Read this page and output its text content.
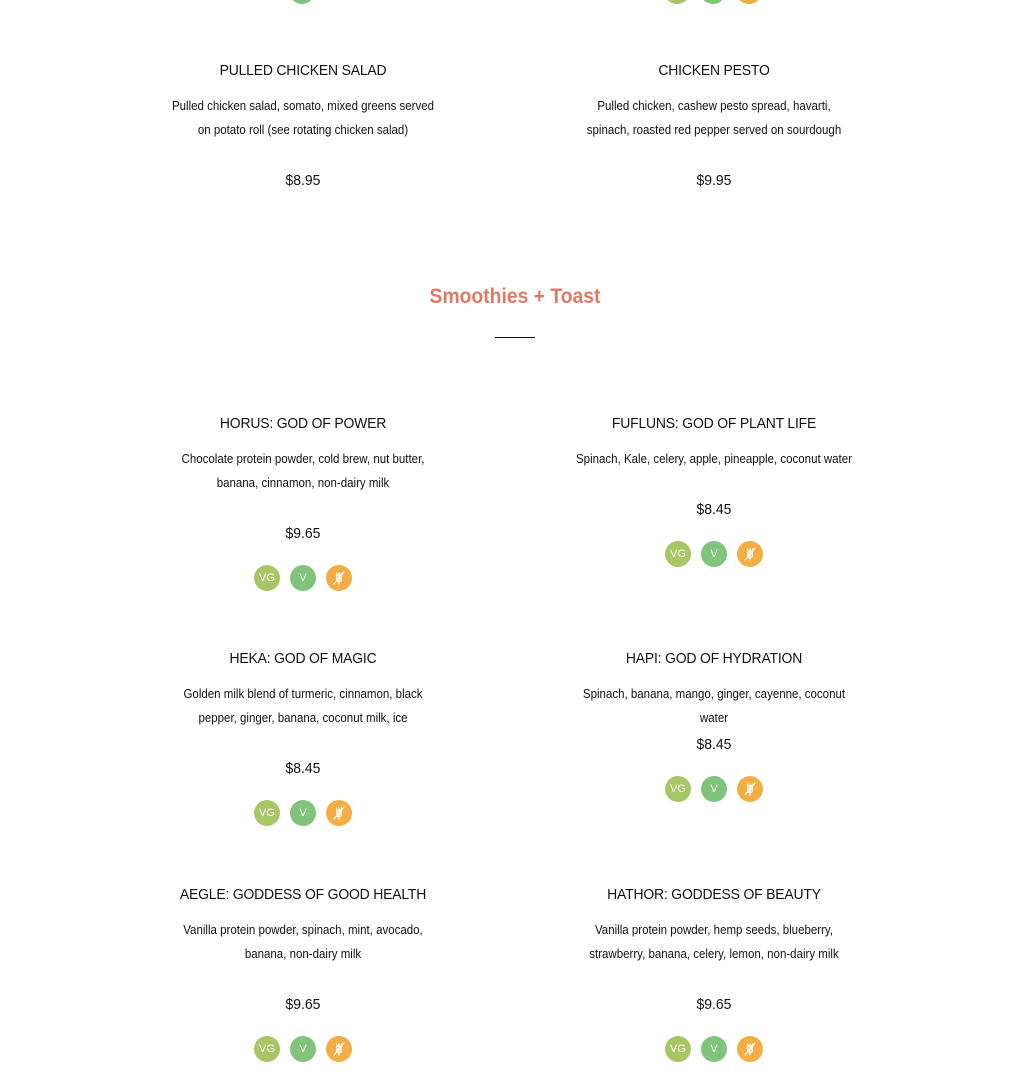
PULLED CHICKEN SALAD

Pulled chicken salad, somato, mixed greens served on potato roll (see rotating chicken salad)

$8.95

CHICKEN PESTO

Pulled chicken, cashew pesto spread, havarti, spinach, roasted red pepper served on sourdough

$9.95
Smoothies + Toast

HORUS: GOD OF POWER

Chocolate protein powder, cold brew, nut butter, banana, cinnamon, non-dairy milk

$9.65
VG	V

FUFLUNS: GOD OF PLANT LIFE

Spinach, Kale, celery, apple, pineapple, coconut water

$8.45
VG	V

HEKA: GOD OF MAGIC

Golden milk blend of turmeric, cinnamon, black pepper, ginger, banana, coconut milk, ice

$8.45
VG	V

HAPI: GOD OF HYDRATION

Spinach, banana, mango, ginger, cayenne, coconut water

$8.45
VG	V

AEGLE: GODDESS OF GOOD HEALTH

Vanilla protein powder, spinach, mint, avocado, banana, non-dairy milk

$9.65
VG	V

HATHOR: GODDESS OF BEAUTY

Vanilla protein powder, hemp seeds, blueberry, strawberry, banana, celery, lemon, non-dairy milk

$9.65
VG	V
